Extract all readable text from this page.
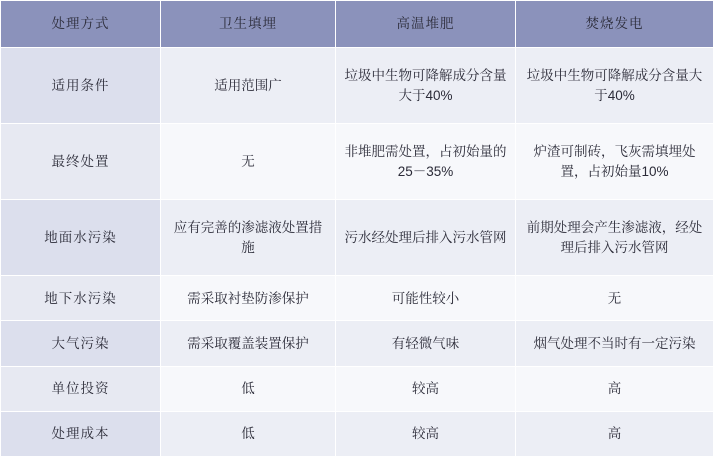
处理方式	卫生填埋	高温堆肥	焚烧发电
适用条件	适用范围广	垃圾中生物可降解成分含量大于40%	垃圾中生物可降解成分含量大于40%
最终处置	无	非堆肥需处置，占初始量的25－35%	炉渣可制砖，飞灰需填埋处置，占初始量10%
地面水污染	应有完善的渗滤液处置措施	污水经处理后排入污水管网	前期处理会产生渗滤液，经处理后排入污水管网
地下水污染	需采取衬垫防渗保护	可能性较小	无
大气污染	需采取覆盖装置保护	有轻微气味	烟气处理不当时有一定污染
单位投资	低	较高	高
处理成本	低	较高	高
